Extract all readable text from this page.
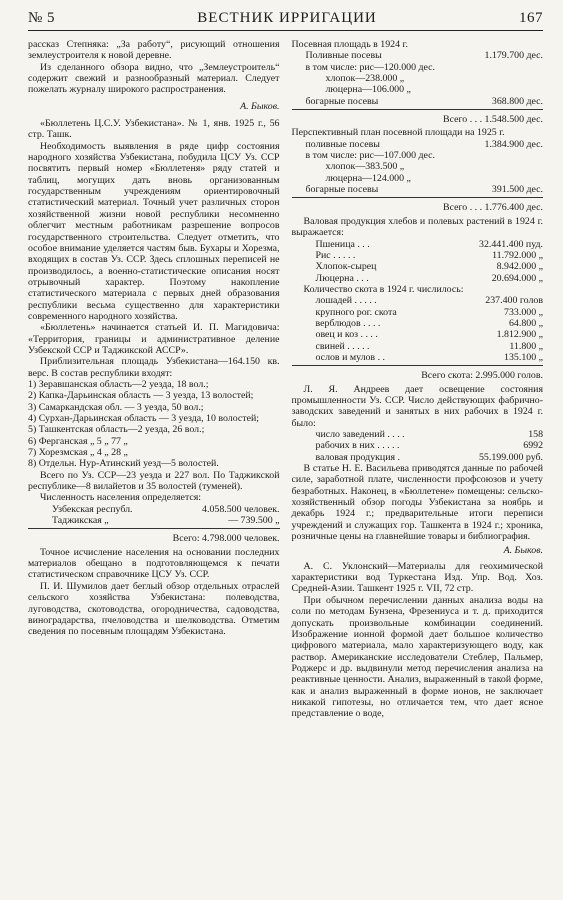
№ 5	ВЕСТНИК ИРРИГАЦИИ	167

рассказ Степняка: „За работу“, рисующий отношения землеустроителя к новой деревне.

Из сделанного обзора видно, что „Землеустроитель“ содержит свежий и разнообразный материал. Следует пожелать журналу широкого распространения.

А. Быков.

«Бюллетень Ц.С.У. Узбекистана». № 1, янв. 1925 г., 56 стр. Ташк.

Необходимость выявления в ряде цифр состояния народного хозяйства Узбекистана, побудила ЦСУ Уз. ССР посвятить первый номер «Бюллетеня» ряду статей и таблиц, могущих дать вновь организованным государственным учреждениям ориентировочный статистический материал. Точный учет различных сторон хозяйственной жизни новой республики несомненно облегчит местным работникам разрешение вопросов государственного строительства. Следует отметить, что особое внимание уделяется частям быв. Бухары и Хорезма, входящих в состав Уз. ССР. Здесь сплошных переписей не производилось, а военно-статистические описания носят отрывочный характер. Поэтому накопление статистического материала с первых дней образования республики весьма существенно для характеристики современного народного хозяйства.

«Бюллетень» начинается статьей И. П. Магидовича: «Территория, границы и административное деление Узбекской ССР и Таджикской АССР».

Приблизительная площадь Узбекистана—164.150 кв. верс. В состав республики входят:

1) Зеравшанская область—2 уезда, 18 вол.;
2) Капка-Дарьинская область — 3 уезда, 13 волостей;
3) Самаркандская обл. — 3 уезда, 50 вол.;
4) Сурхан-Дарьинская область — 3 уезда, 10 волостей;
5) Ташкентская область—2 уезда, 26 вол.;
6) Ферганская „ 5 „ 77 „
7) Хорезмская „ 4 „ 28 „
8) Отдельн. Нур-Атинский уезд—5 волостей.

Всего по Уз. ССР—23 уезда и 227 вол. По Таджикской республике—8 вилайетов и 35 волостей (туменей).

Численность населения определяется:

Узбекская республ.	4.058.500 человек.
Таджикская „	— 739.500 „
Всего: 4.798.000 человек.

Точное исчисление населения на основании последних материалов обещано в подготовляющемся к печати статистическом справочнике ЦСУ Уз. ССР.

П. И. Шумилов дает беглый обзор отдельных отраслей сельского хозяйства Узбекистана: полеводства, луговодства, скотоводства, огородничества, садоводства, виноградарства, пчеловодства и шелководства. Отметим сведения по посевным площадям Узбекистана.

Посевная площадь в 1924 г.

Поливные посевы	1.179.700 дес.
в том числе: рис—120.000 дес.	
хлопок—238.000 „	
люцерна—106.000 „	
богарные посевы	368.800 дес.
Всего . . . 1.548.500 дес.

Перспективный план посевной площади на 1925 г.

поливные посевы	1.384.900 дес.
в том числе: рис—107.000 дес.	
хлопок—383.500 „	
люцерна—124.000 „	
богарные посевы	391.500 дес.
Всего . . . 1.776.400 дес.

Валовая продукция хлебов и полевых растений в 1924 г. выражается:

Пшеница . . .	32.441.400 пуд.
Рис . . . . .	11.792.000 „
Хлопок-сырец	8.942.000 „
Люцерна . . .	20.694.000 „

Количество скота в 1924 г. числилось:

лошадей . . . . .	237.400 голов
крупного рог. скота	733.000 „
верблюдов . . . .	64.800 „
овец и коз . . . .	1.812.900 „
свиней . . . . .	11.800 „
ослов и мулов . .	135.100 „
Всего скота: 2.995.000 голов.

Л. Я. Андреев дает освещение состояния промышленности Уз. ССР. Число действующих фабрично-заводских заведений и занятых в них рабочих в 1924 г. было:

число заведений . . . .	158
рабочих в них . . . . .	6992
валовая продукция .	55.199.000 руб.

В статье Н. Е. Васильева приводятся данные по рабочей силе, заработной плате, численности профсоюзов и учету безработных. Наконец, в «Бюллетене» помещены: сельско-хозяйственный обзор погоды Узбекистана за ноябрь и декабрь 1924 г.; предварительные итоги переписи учреждений и служащих гор. Ташкента в 1924 г.; хроника, розничные цены на главнейшие товары и библиография.

А. Быков.

А. С. Уклонский—Материалы для геохимической характеристики вод Туркестана Изд. Упр. Вод. Хоз. Средней-Азии. Ташкент 1925 г. VII, 72 стр.

При обычном перечислении данных анализа воды на соли по методам Бунзена, Фрезениуса и т. д. приходится допускать произвольные комбинации соединений. Изображение ионной формой дает большое количество цифрового материала, мало характеризующего воду, как раствор. Американские исследователи Стеблер, Пальмер, Роджерс и др. выдвинули метод перечисления анализа на реактивные ценности. Анализ, выраженный в такой форме, как и анализ выраженный в форме ионов, не заключает никакой гипотезы, но отличается тем, что дает ясное представление о воде,
